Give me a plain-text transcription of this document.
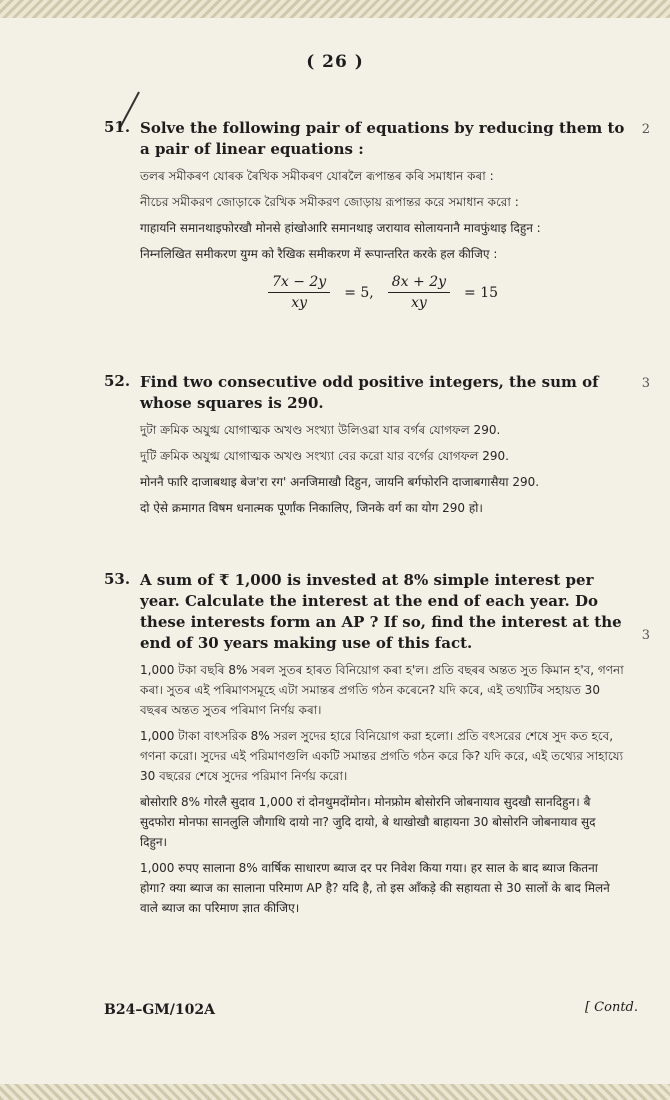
( 26 )
51.	2

Solve the following pair of equations by reducing them to a pair of linear equations :

তলৰ সমীকৰণ যোৰক ৰৈখিক সমীকৰণ যোৰলৈ ৰূপান্তৰ কৰি সমাধান কৰা :

নীচের সমীকরণ জোড়াকে রৈখিক সমীকরণ জোড়ায় রূপান্তর করে সমাধান করো :

गाहायनि समानथाइफोरखौ मोनसे हांखोआरि समानथाइ जरायाव सोलायनानै मावफुंथाइ दिहुन :

निम्नलिखित समीकरण युग्म को रैखिक समीकरण में रूपान्तरित करके हल कीजिए :

$\frac{7x - 2y}{xy} = 5$, $\frac{8x + 2y}{xy} = 15$
52.	3

Find two consecutive odd positive integers, the sum of whose squares is 290.

দুটা ক্ৰমিক অযুগ্ম যোগাত্মক অখণ্ড সংখ্যা উলিওৱা যাৰ বৰ্গৰ যোগফল 290.

দুটি ক্রমিক অযুগ্ম যোগাত্মক অখণ্ড সংখ্যা বের করো যার বর্গের যোগফল 290.

मोननै फारि दाजाबथाइ बेज'रा रग' अनजिमाखौ दिहुन, जायनि बर्गफोरनि दाजाबगासैया 290.

दो ऐसे क्रमागत विषम धनात्मक पूर्णांक निकालिए, जिनके वर्ग का योग 290 हो।

53.
3

A sum of ₹ 1,000 is invested at 8% simple interest per year. Calculate the interest at the end of each year. Do these interests form an AP ? If so, find the interest at the end of 30 years making use of this fact.

1,000 টকা বছৰি 8% সৰল সুতৰ হাৰত বিনিয়োগ কৰা হ'ল। প্ৰতি বছৰৰ অন্তত সুত কিমান হ'ব, গণনা কৰা। সুতৰ এই পৰিমাণসমূহে এটা সমান্তৰ প্ৰগতি গঠন কৰেনে? যদি কৰে, এই তথ্যটিৰ সহায়ত 30 বছৰৰ অন্তত সুতৰ পৰিমাণ নিৰ্ণয় কৰা।

1,000 টাকা বাৎসরিক 8% সরল সুদের হারে বিনিয়োগ করা হলো। প্রতি বৎসরের শেষে সুদ কত হবে, গণনা করো। সুদের এই পরিমাণগুলি একটি সমান্তর প্রগতি গঠন করে কি? যদি করে, এই তথ্যের সাহায্যে 30 বছরের শেষে সুদের পরিমাণ নির্ণয় করো।

बोसोरारि 8% गोरलै सुदाव 1,000 रां दोनथुमदोंमोन। मोनफ्रोम बोसोरनि जोबनायाव सुदखौ सानदिहुन। बै सुदफोरा मोनफा सानलुलि जौगाथि दायो ना? जुदि दायो, बे थाखोखौ बाहायना 30 बोसोरनि जोबनायाव सुद दिहुन।

1,000 रुपए सालाना 8% वार्षिक साधारण ब्याज दर पर निवेश किया गया। हर साल के बाद ब्याज कितना होगा? क्या ब्याज का सालाना परिमाण AP है? यदि है, तो इस आँकड़े की सहायता से 30 सालों के बाद मिलने वाले ब्याज का परिमाण ज्ञात कीजिए।

B24–GM/102A	[ Contd.
